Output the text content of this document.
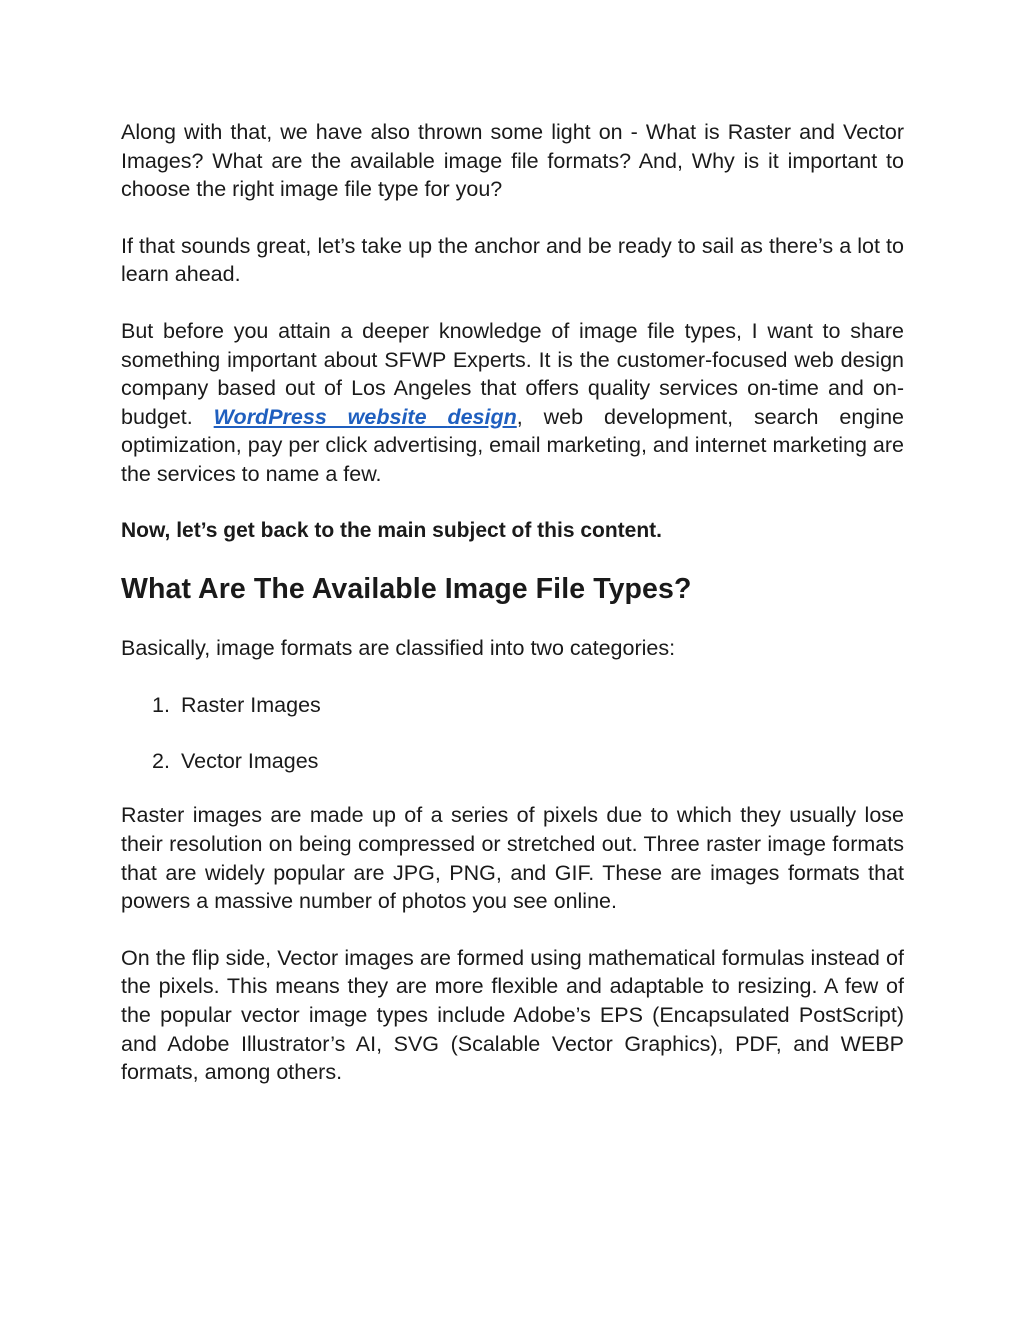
Along with that, we have also thrown some light on - What is Raster and Vector Images? What are the available image file formats? And, Why is it important to choose the right image file type for you?

If that sounds great, let’s take up the anchor and be ready to sail as there’s a lot to learn ahead.

But before you attain a deeper knowledge of image file types, I want to share something important about SFWP Experts. It is the customer-focused web design company based out of Los Angeles that offers quality services on-time and on-budget. WordPress website design, web development, search engine optimization, pay per click advertising, email marketing, and internet marketing are the services to name a few.

Now, let’s get back to the main subject of this content.

What Are The Available Image File Types?

Basically, image formats are classified into two categories:

1. Raster Images
2. Vector Images

Raster images are made up of a series of pixels due to which they usually lose their resolution on being compressed or stretched out. Three raster image formats that are widely popular are JPG, PNG, and GIF. These are images formats that powers a massive number of photos you see online.

On the flip side, Vector images are formed using mathematical formulas instead of the pixels. This means they are more flexible and adaptable to resizing. A few of the popular vector image types include Adobe’s EPS (Encapsulated PostScript) and Adobe Illustrator’s AI, SVG (Scalable Vector Graphics), PDF, and WEBP formats, among others.
